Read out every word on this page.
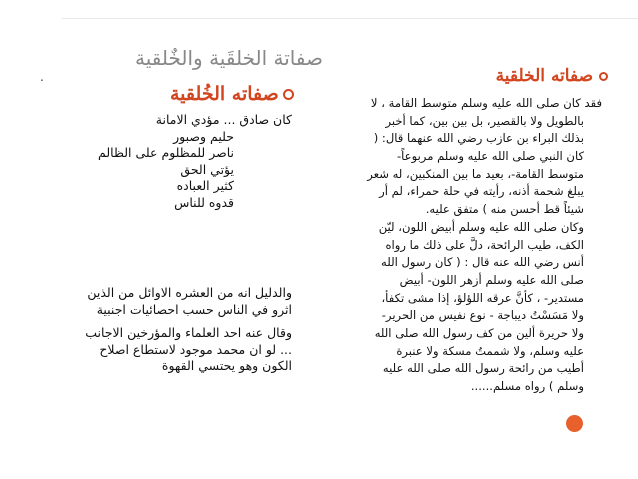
.
صفاتة الخلقَية والخٌلقية
صفاته الخلقية
صفاته الخُلقية	فقد كان صلى الله عليه وسلم متوسط القامة ، لا
بالطويل ولا بالقصير، بل بين بين، كما أخبر
بذلك البراء بن عازب رضي الله عنهما قال: (
كان النبي صلى الله عليه وسلم مربوعاً-
متوسط القامة-، بعيد ما بين المنكبين، له شعر
يبلغ شحمة أذنه، رأيته في حلة حمراء، لم أر
شيئاً قط أحسن منه ) متفق عليه.
وكان صلى الله عليه وسلم أبيض اللون، ليّن
الكف، طيب الرائحة، دلَّ على ذلك ما رواه
أنس رضي الله عنه قال : ( كان رسول الله
صلى الله عليه وسلم أزهر اللون- أبيض
مستدير- ، كأنَّ عرقه اللؤلؤ، إذا مشى تكفأ،
ولا مَسَسْتُ ديباجة - نوع نفيس من الحرير-
ولا حريرة ألين من كف رسول الله صلى الله
عليه وسلم، ولا شممتُ مسكة ولا عنبرة
أطيب من رائحة رسول الله صلى الله عليه
وسلم ) رواه مسلم......
كان صادق ... مؤدي الامانة
حليم وصبور
ناصر للمظلوم على الظالم
يؤتي الحق
كثير العباده
قدوه للناس
والدليل انه من العشره الاوائل من الذين
اثرو في الناس حسب احصائيات اجنبية
وقال عنه احد العلماء والمؤرخين الاجانب
... لو ان محمد موجود لاستطاع اصلاح
الكون وهو يحتسي القهوة
